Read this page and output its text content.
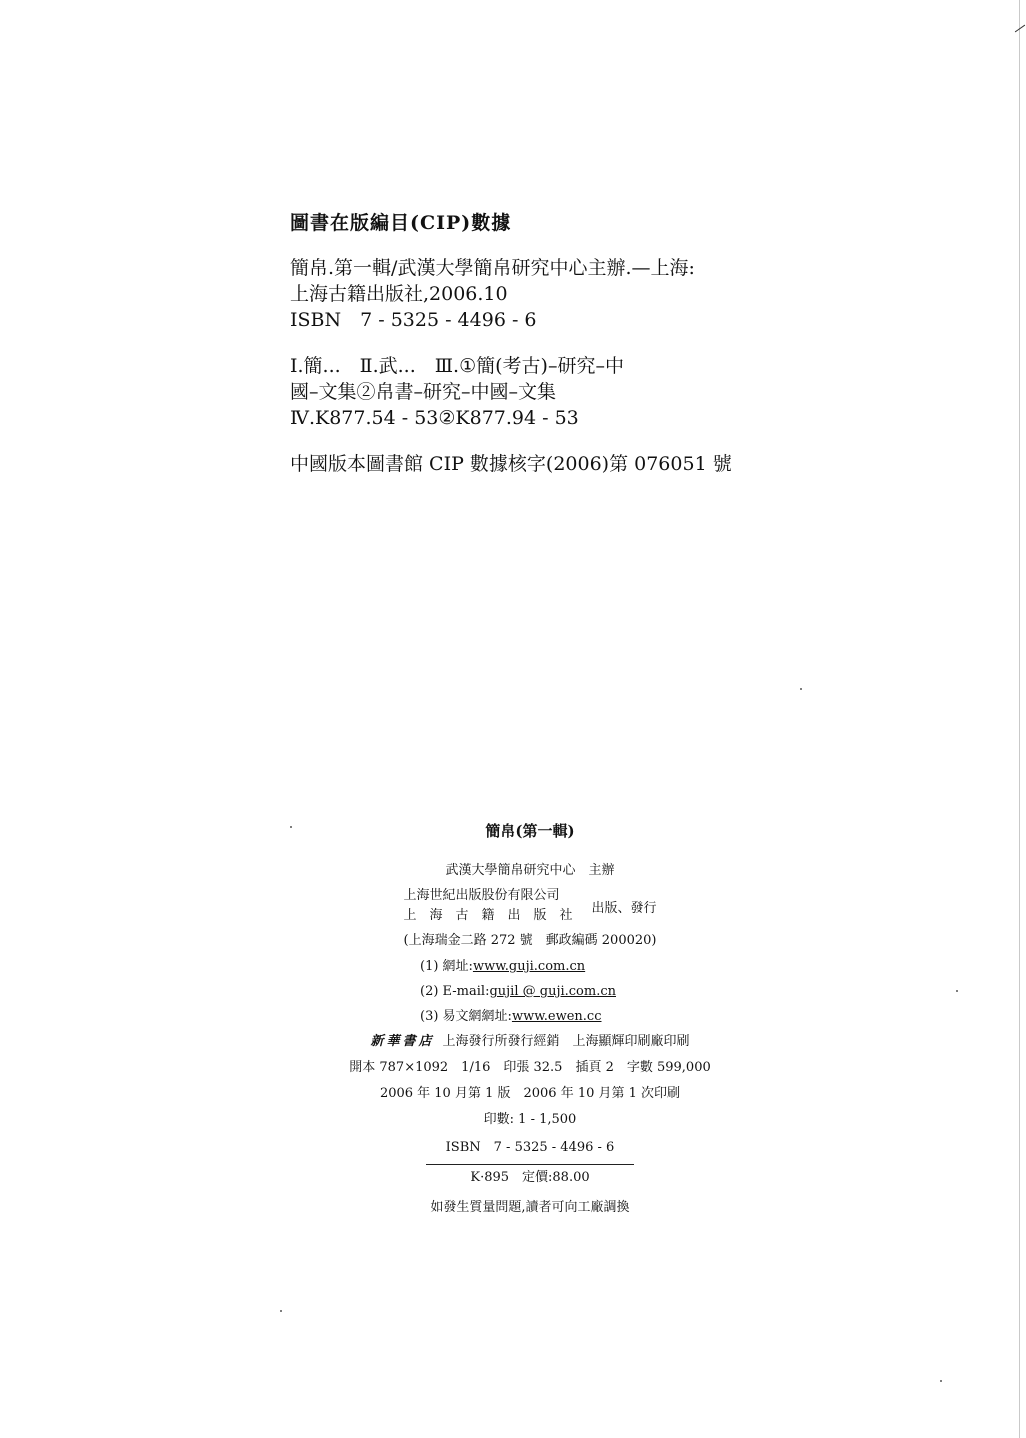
圖書在版編目(CIP)數據
簡帛.第一輯/武漢大學簡帛研究中心主辦.—上海:
上海古籍出版社,2006.10
ISBN　7 - 5325 - 4496 - 6
Ⅰ.簡...　Ⅱ.武...　Ⅲ.①簡(考古)–研究–中
國–文集②帛書–研究–中國–文集
Ⅳ.K877.54 - 53②K877.94 - 53
中國版本圖書館 CIP 數據核字(2006)第 076051 號
簡帛(第一輯)
武漢大學簡帛研究中心　主辦
上海世紀出版股份有限公司
上海古籍出版社 出版、發行
(上海瑞金二路 272 號　郵政編碼 200020)
(1) 網址:www.guji.com.cn
(2) E-mail:gujil @ guji.com.cn
(3) 易文網網址:www.ewen.cc
新華書店 上海發行所發行經銷　上海顯輝印刷廠印刷
開本 787×1092　1/16　印張 32.5　插頁 2　字數 599,000
2006 年 10 月第 1 版　2006 年 10 月第 1 次印刷
印數: 1 - 1,500
ISBN　7 - 5325 - 4496 - 6
K·895　定價:88.00
如發生質量問題,讀者可向工廠調換
